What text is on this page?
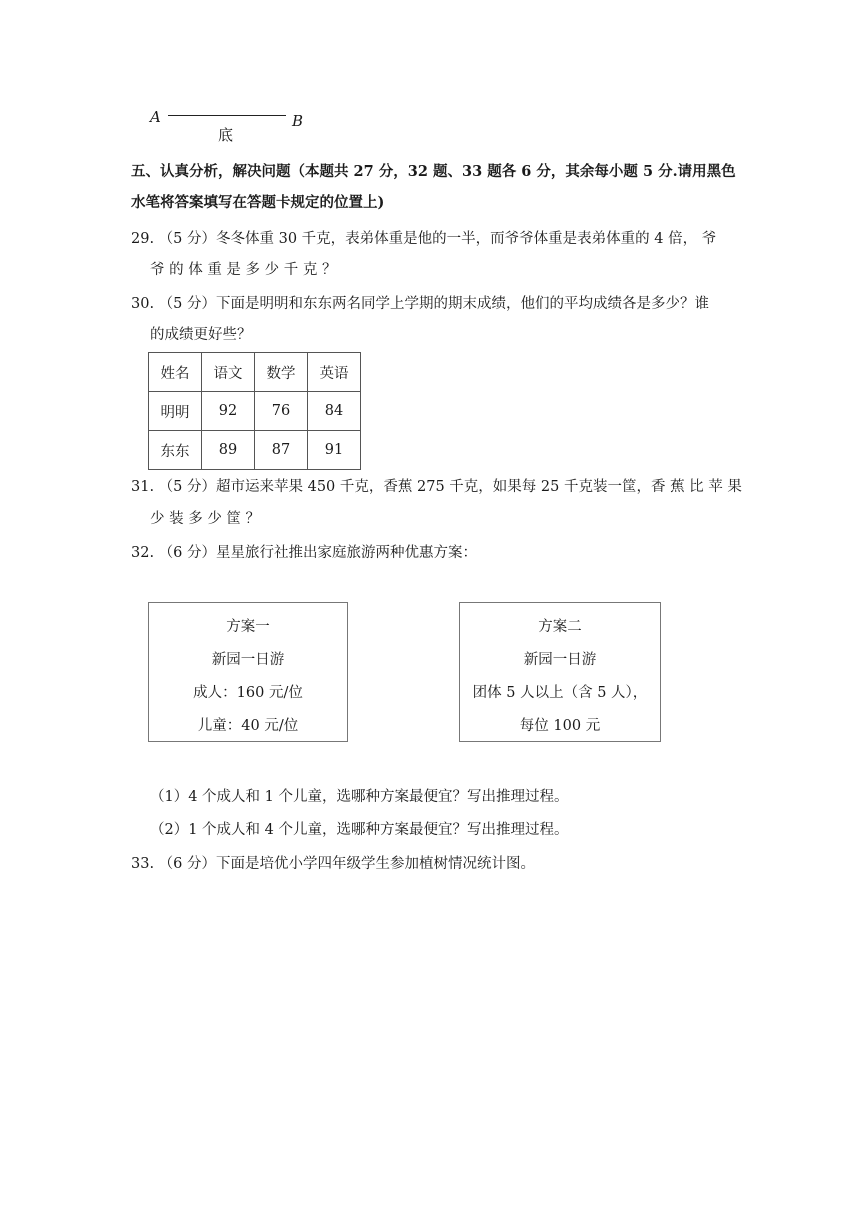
A	B
底
五、认真分析，解决问题（本题共 27 分，32 题、33 题各 6 分，其余每小题 5 分.请用黑色
水笔将答案填写在答题卡规定的位置上)
29. （5 分）冬冬体重 30 千克，表弟体重是他的一半，而爷爷体重是表弟体重的 4 倍， 爷
爷 的 体 重 是 多 少 千 克 ？
30. （5 分）下面是明明和东东两名同学上学期的期末成绩，他们的平均成绩各是多少？谁
的成绩更好些？
姓名	语文	数学	英语
明明	92	76	84
东东	89	87	91
31. （5 分）超市运来苹果 450 千克，香蕉 275 千克，如果每 25 千克装一筐，香 蕉 比 苹 果
少 装 多 少 筐 ？
32. （6 分）星星旅行社推出家庭旅游两种优惠方案：
方案一
新园一日游
成人：160 元/位
儿童：40 元/位
方案二
新园一日游
团体 5 人以上（含 5 人），
每位 100 元
（1）4 个成人和 1 个儿童，选哪种方案最便宜？写出推理过程。
（2）1 个成人和 4 个儿童，选哪种方案最便宜？写出推理过程。
33. （6 分）下面是培优小学四年级学生参加植树情况统计图。
